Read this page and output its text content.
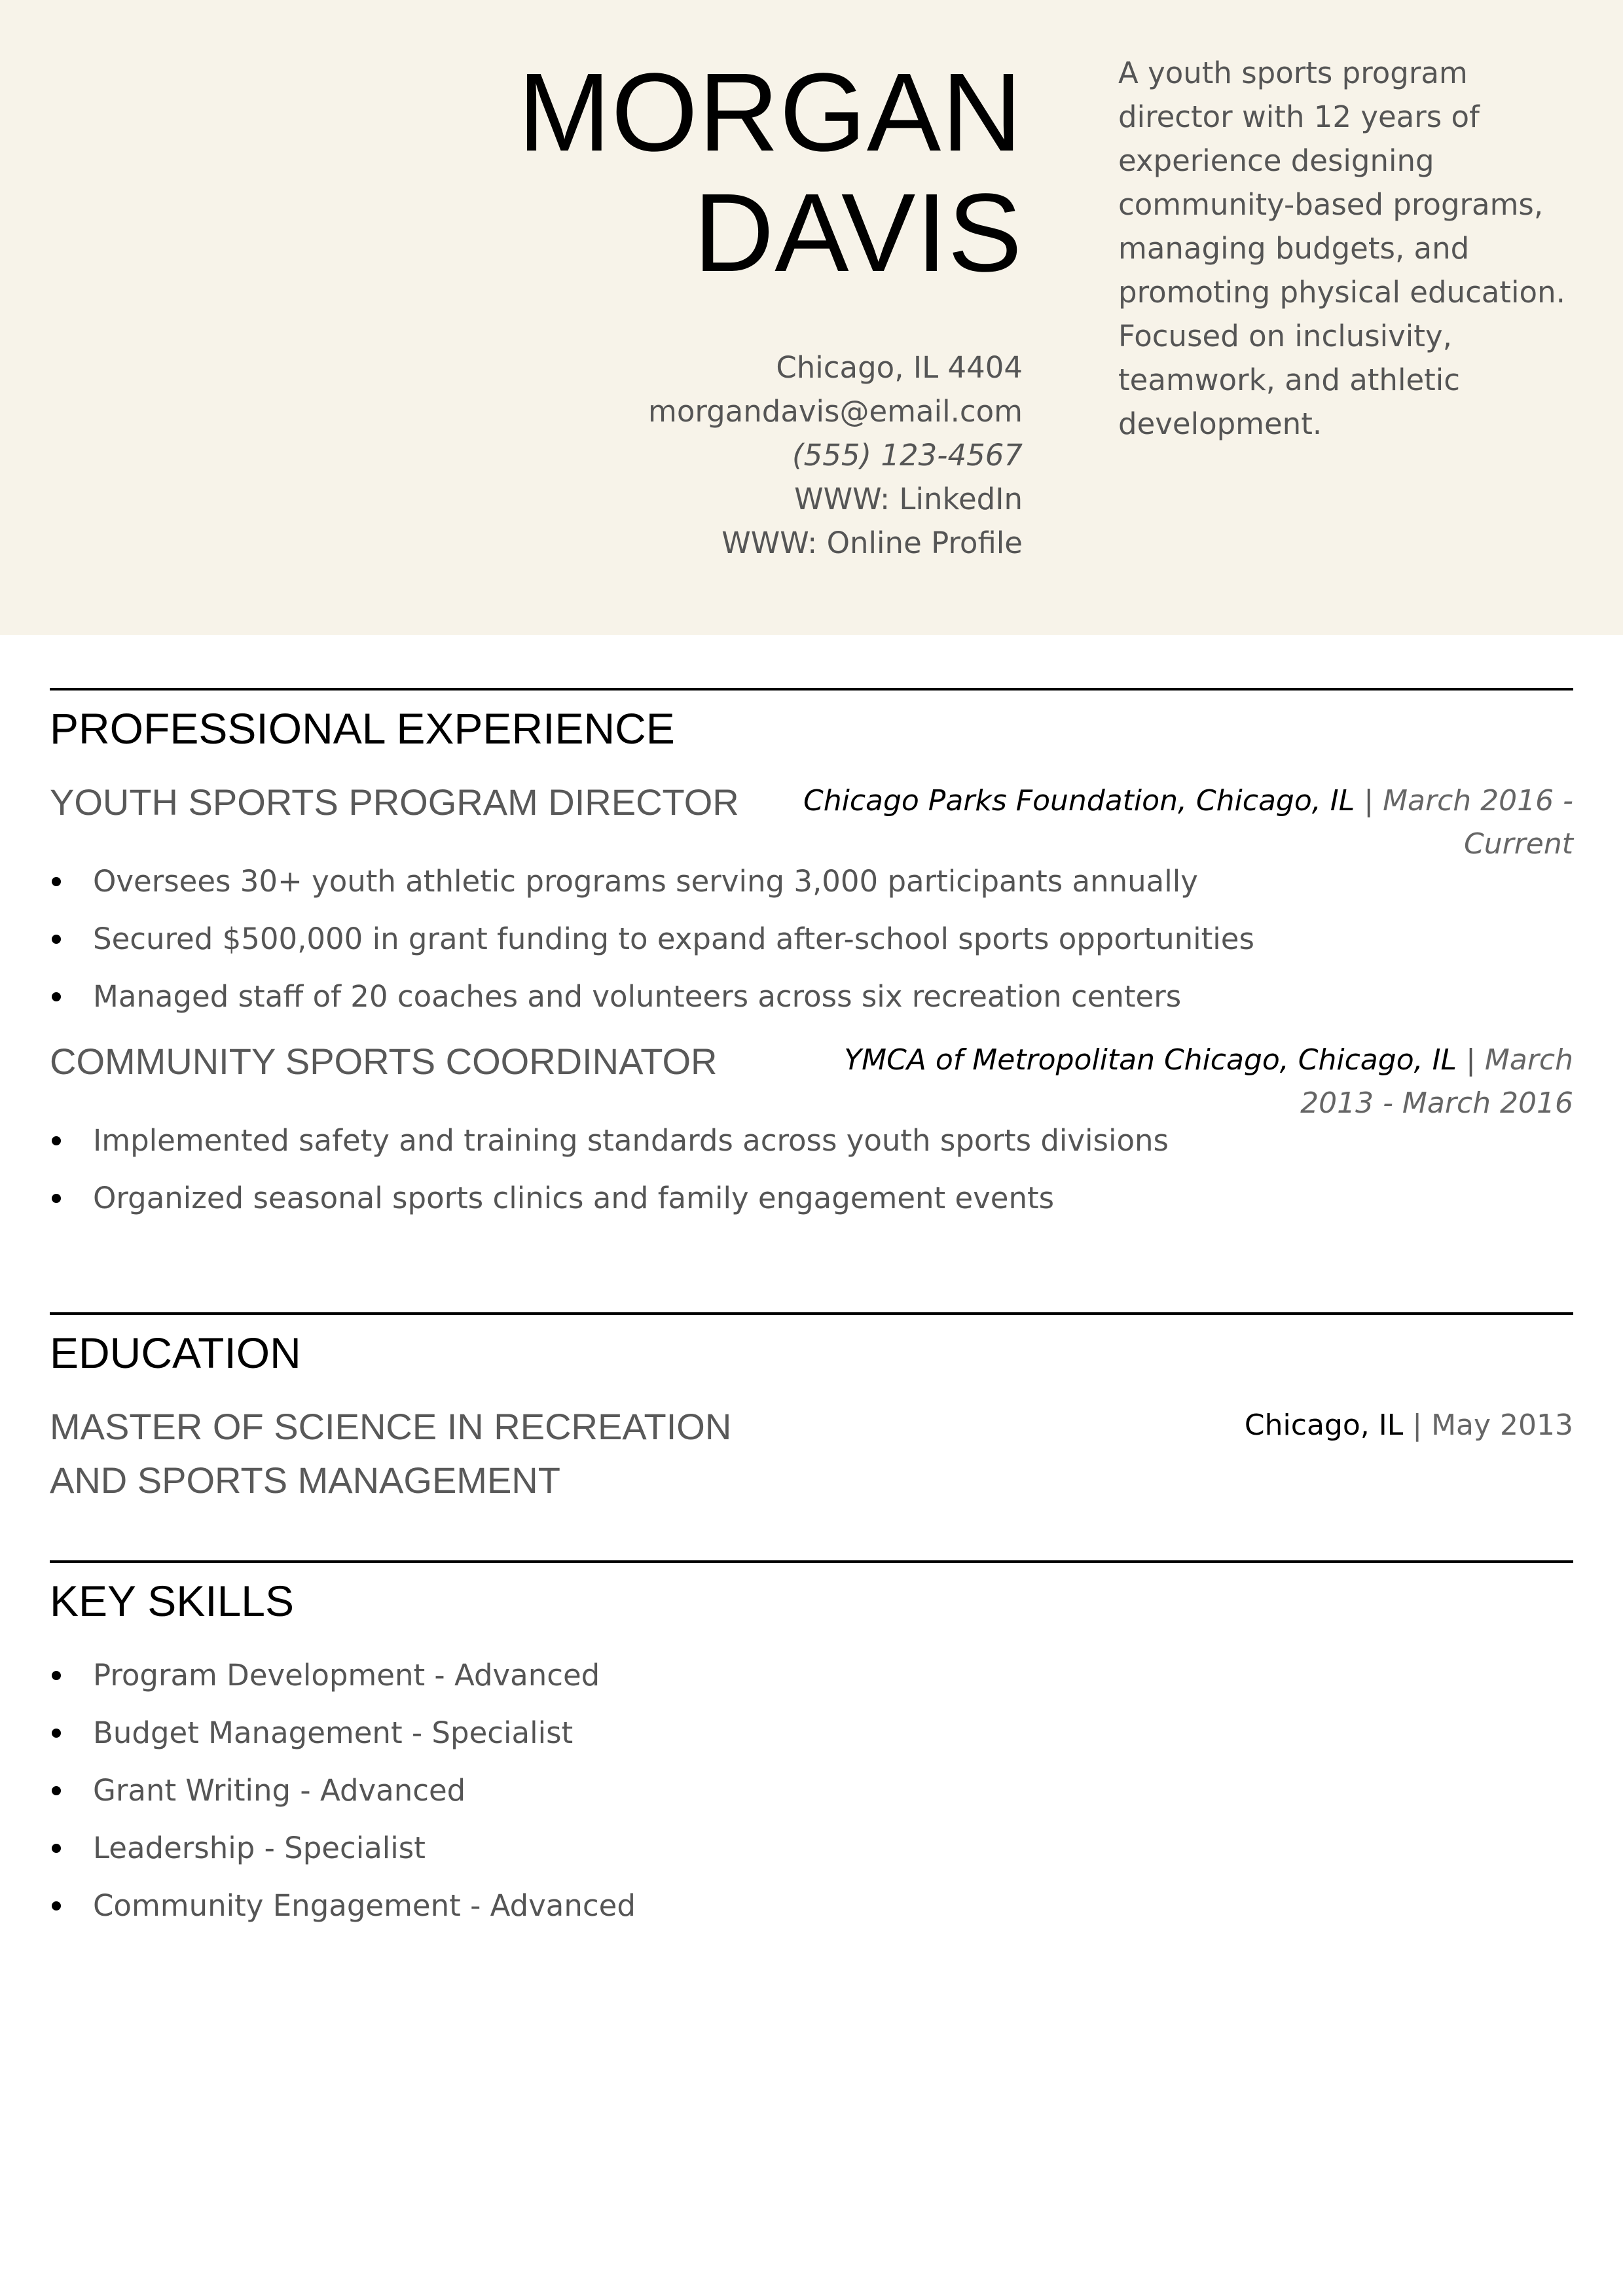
MORGAN
DAVIS
Chicago, IL 4404
morgandavis@email.com
(555) 123-4567
WWW: LinkedIn
WWW: Online Profile
A youth sports program director with 12 years of experience designing community-based programs, managing budgets, and promoting physical education. Focused on inclusivity, teamwork, and athletic development.
PROFESSIONAL EXPERIENCE
YOUTH SPORTS PROGRAM DIRECTOR	Chicago Parks Foundation, Chicago, IL | March 2016 -
Current
Oversees 30+ youth athletic programs serving 3,000 participants annually
Secured $500,000 in grant funding to expand after-school sports opportunities
Managed staff of 20 coaches and volunteers across six recreation centers
COMMUNITY SPORTS COORDINATOR	YMCA of Metropolitan Chicago, Chicago, IL | March
2013 - March 2016
Implemented safety and training standards across youth sports divisions
Organized seasonal sports clinics and family engagement events
EDUCATION
MASTER OF SCIENCE IN RECREATION
AND SPORTS MANAGEMENT
Chicago, IL | May 2013
KEY SKILLS
Program Development - Advanced
Budget Management - Specialist
Grant Writing - Advanced
Leadership - Specialist
Community Engagement - Advanced
